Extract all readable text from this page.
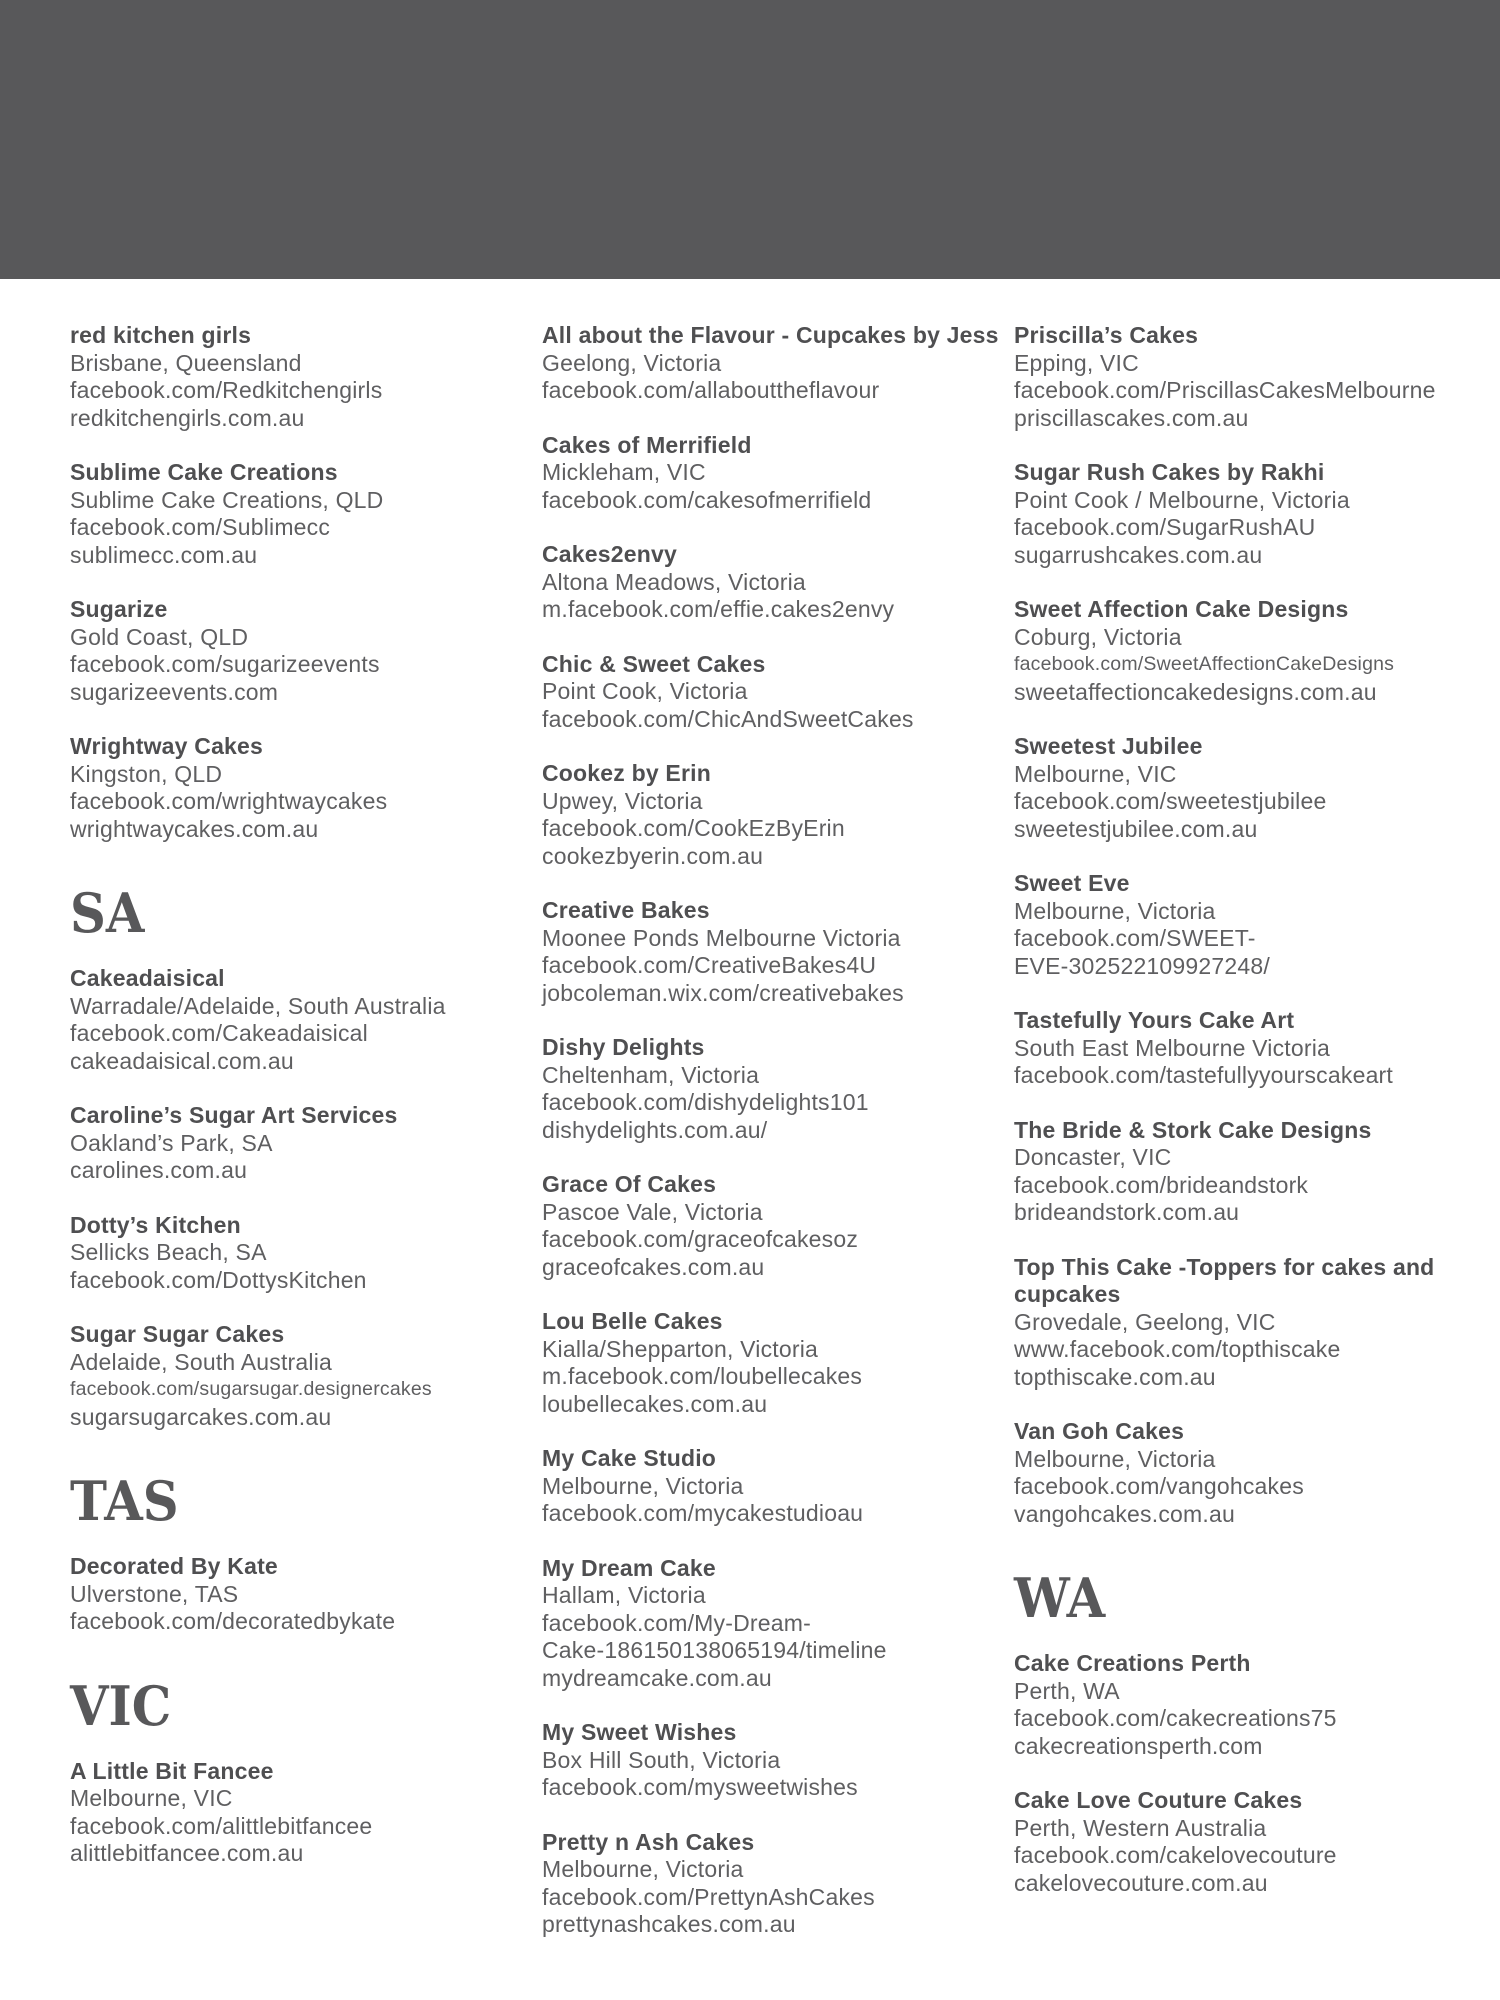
red kitchen girls
Brisbane, Queensland
facebook.com/Redkitchengirls
redkitchengirls.com.au
Sublime Cake Creations
Sublime Cake Creations, QLD
facebook.com/Sublimecc
sublimecc.com.au
Sugarize
Gold Coast, QLD
facebook.com/sugarizeevents
sugarizeevents.com
Wrightway Cakes
Kingston, QLD
facebook.com/wrightwaycakes
wrightwaycakes.com.au
SA
Cakeadaisical
Warradale/Adelaide, South Australia
facebook.com/Cakeadaisical
cakeadaisical.com.au
Caroline’s Sugar Art Services
Oakland’s Park, SA
carolines.com.au
Dotty’s Kitchen
Sellicks Beach, SA
facebook.com/DottysKitchen
Sugar Sugar Cakes
Adelaide, South Australia
facebook.com/sugarsugar.designercakes
sugarsugarcakes.com.au
TAS
Decorated By Kate
Ulverstone, TAS
facebook.com/decoratedbykate
VIC
A Little Bit Fancee
Melbourne, VIC
facebook.com/alittlebitfancee
alittlebitfancee.com.au
All about the Flavour - Cupcakes by Jess
Geelong, Victoria
facebook.com/allabouttheflavour
Cakes of Merrifield
Mickleham, VIC
facebook.com/cakesofmerrifield
Cakes2envy
Altona Meadows, Victoria
m.facebook.com/effie.cakes2envy
Chic & Sweet Cakes
Point Cook, Victoria
facebook.com/ChicAndSweetCakes
Cookez by Erin
Upwey, Victoria
facebook.com/CookEzByErin
cookezbyerin.com.au
Creative Bakes
Moonee Ponds Melbourne Victoria
facebook.com/CreativeBakes4U
jobcoleman.wix.com/creativebakes
Dishy Delights
Cheltenham, Victoria
facebook.com/dishydelights101
dishydelights.com.au/
Grace Of Cakes
Pascoe Vale, Victoria
facebook.com/graceofcakesoz
graceofcakes.com.au
Lou Belle Cakes
Kialla/Shepparton, Victoria
m.facebook.com/loubellecakes
loubellecakes.com.au
My Cake Studio
Melbourne, Victoria
facebook.com/mycakestudioau
My Dream Cake
Hallam, Victoria
facebook.com/My-Dream-
Cake-186150138065194/timeline
mydreamcake.com.au
My Sweet Wishes
Box Hill South, Victoria
facebook.com/mysweetwishes
Pretty n Ash Cakes
Melbourne, Victoria
facebook.com/PrettynAshCakes
prettynashcakes.com.au
Priscilla’s Cakes
Epping, VIC
facebook.com/PriscillasCakesMelbourne
priscillascakes.com.au
Sugar Rush Cakes by Rakhi
Point Cook / Melbourne, Victoria
facebook.com/SugarRushAU
sugarrushcakes.com.au
Sweet Affection Cake Designs
Coburg, Victoria
facebook.com/SweetAffectionCakeDesigns
sweetaffectioncakedesigns.com.au
Sweetest Jubilee
Melbourne, VIC
facebook.com/sweetestjubilee
sweetestjubilee.com.au
Sweet Eve
Melbourne, Victoria
facebook.com/SWEET-
EVE-302522109927248/
Tastefully Yours Cake Art
South East Melbourne Victoria
facebook.com/tastefullyyourscakeart
The Bride & Stork Cake Designs
Doncaster, VIC
facebook.com/brideandstork
brideandstork.com.au
Top This Cake -Toppers for cakes and cupcakes
Grovedale, Geelong, VIC
www.facebook.com/topthiscake
topthiscake.com.au
Van Goh Cakes
Melbourne, Victoria
facebook.com/vangohcakes
vangohcakes.com.au
WA
Cake Creations Perth
Perth, WA
facebook.com/cakecreations75
cakecreationsperth.com
Cake Love Couture Cakes
Perth, Western Australia
facebook.com/cakelovecouture
cakelovecouture.com.au
